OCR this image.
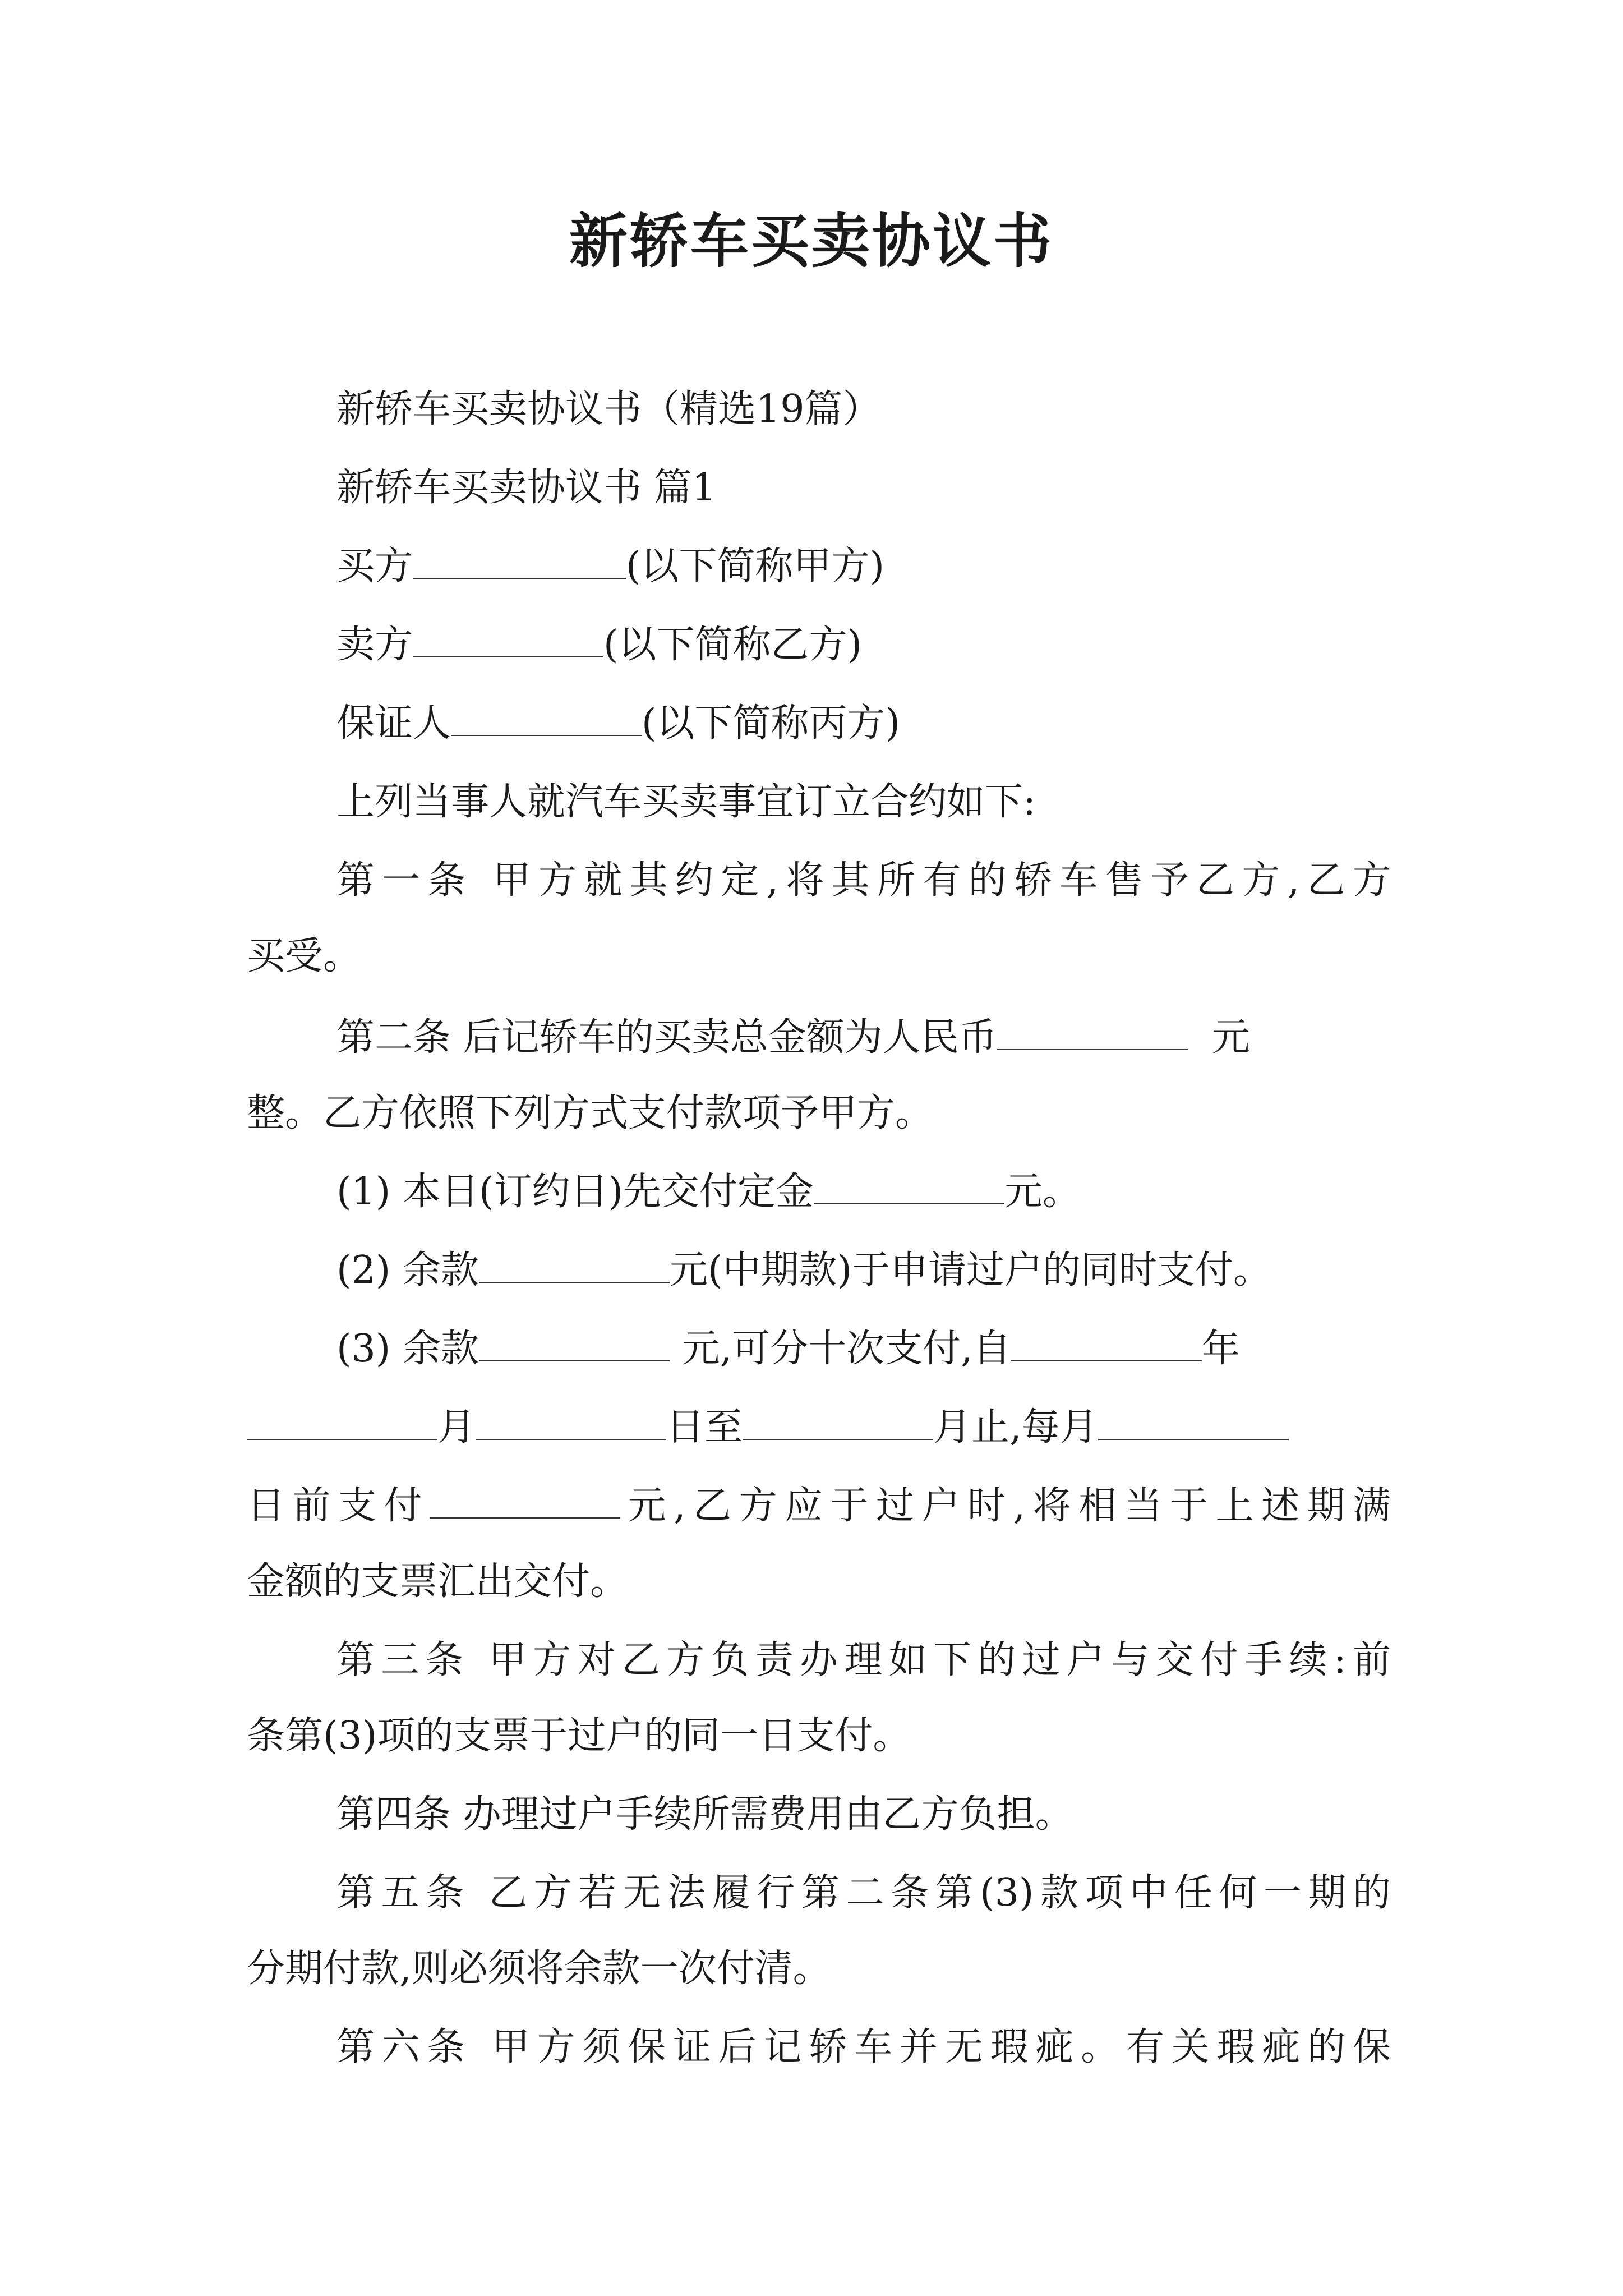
新轿车买卖协议书
新轿车买卖协议书（精选19篇）
新轿车买卖协议书 篇1
买方	(以下简称甲方)
卖方	(以下简称乙方)
保证人	(以下简称丙方)
上列当事人就汽车买卖事宜订立合约如下:
第一条 甲方就其约定,将其所有的轿车售予乙方,乙方
买受。
第二条 后记轿车的买卖总金额为人民币	元
整。乙方依照下列方式支付款项予甲方。
(1) 本日(订约日)先交付定金	元。
(2) 余款	元(中期款)于申请过户的同时支付。
(3) 余款	元,可分十次支付,自	年
月	日至	月止,每月
日前支付	元,乙方应于过户时,将相当于上述期满
金额的支票汇出交付。
第三条 甲方对乙方负责办理如下的过户与交付手续:前
条第(3)项的支票于过户的同一日支付。
第四条 办理过户手续所需费用由乙方负担。
第五条 乙方若无法履行第二条第(3)款项中任何一期的
分期付款,则必须将余款一次付清。
第六条 甲方须保证后记轿车并无瑕疵。有关瑕疵的保
